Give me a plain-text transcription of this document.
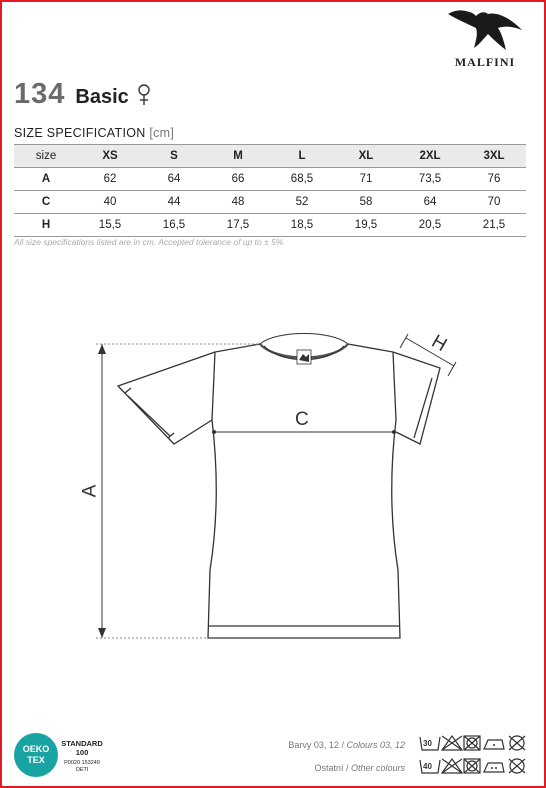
MALFINI
134 Basic
SIZE SPECIFICATION [cm]
size	XS	S	M	L	XL	2XL	3XL
A	62	64	66	68,5	71	73,5	76
C	40	44	48	52	58	64	70
H	15,5	16,5	17,5	18,5	19,5	20,5	21,5
All size specifications listed are in cm. Accepted tolerance of up to ± 5%
C
A
H
OEKO
TEX
STANDARD
100
P0020 153249
OETI
Barvy 03, 12 / Colours 03, 12
Ostatní / Other colours
30
40
